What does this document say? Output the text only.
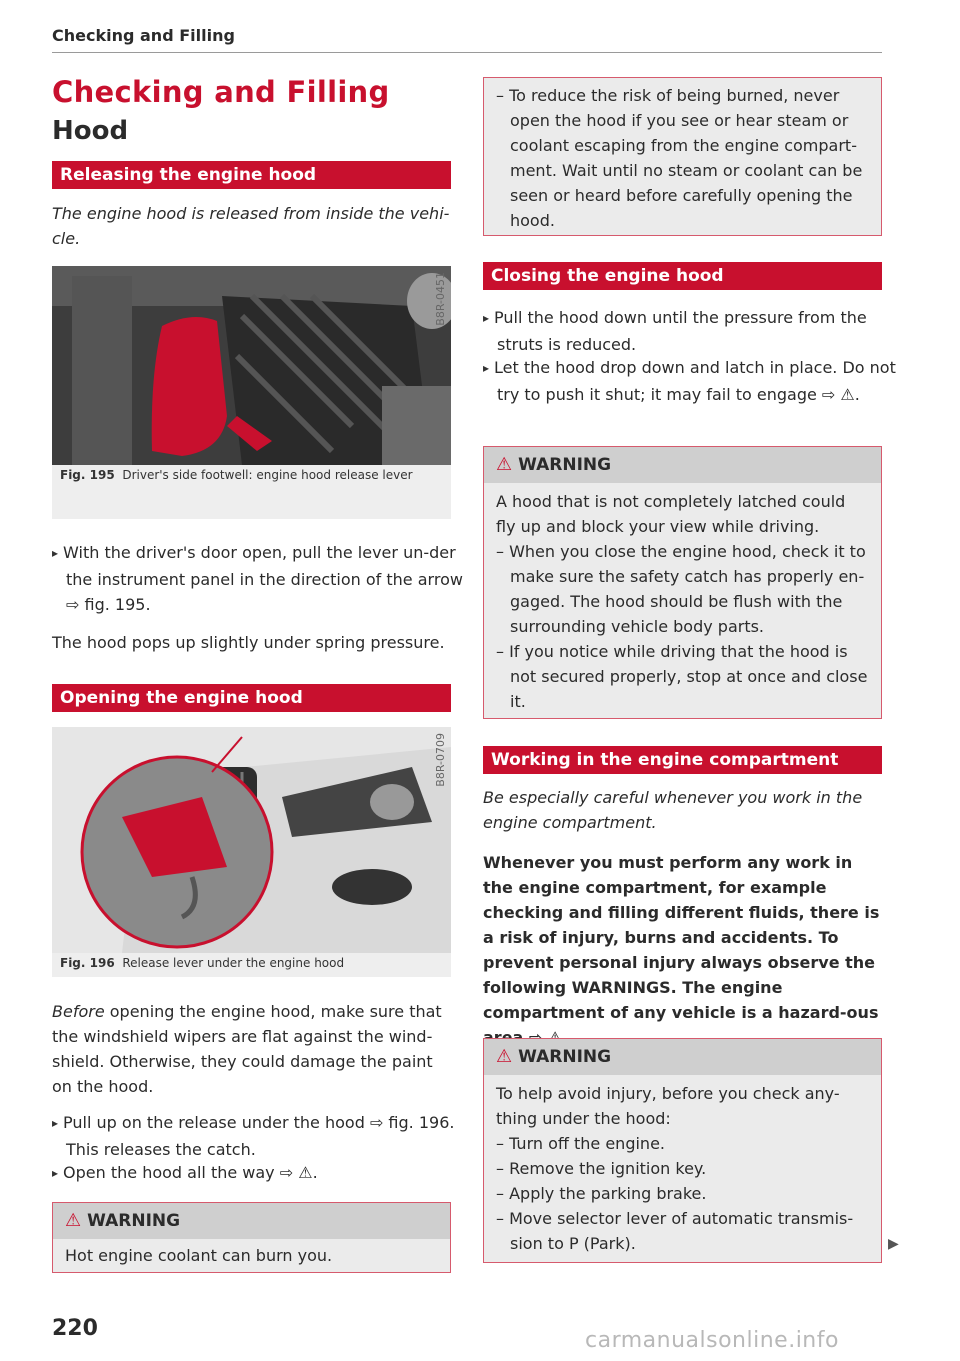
Checking and Filling
Checking and Filling
Hood
Releasing the engine hood
The engine hood is released from inside the vehi-cle.
B8R-0451
Fig. 195 Driver's side footwell: engine hood release lever
▸ With the driver's door open, pull the lever un-der the instrument panel in the direction of the arrow ⇨ fig. 195.
The hood pops up slightly under spring pressure.
Opening the engine hood
B8R-0709
Fig. 196 Release lever under the engine hood
Before opening the engine hood, make sure that the windshield wipers are flat against the wind-shield. Otherwise, they could damage the paint on the hood.
▸ Pull up on the release under the hood ⇨ fig. 196. This releases the catch.
▸ Open the hood all the way ⇨ ⚠.
⚠ WARNING
Hot engine coolant can burn you.
– To reduce the risk of being burned, never open the hood if you see or hear steam or coolant escaping from the engine compart-ment. Wait until no steam or coolant can be seen or heard before carefully opening the hood.
Closing the engine hood
▸ Pull the hood down until the pressure from the struts is reduced.
▸ Let the hood drop down and latch in place. Do not try to push it shut; it may fail to engage ⇨ ⚠.
⚠ WARNING
A hood that is not completely latched could fly up and block your view while driving.
– When you close the engine hood, check it to make sure the safety catch has properly en-gaged. The hood should be flush with the surrounding vehicle body parts.
– If you notice while driving that the hood is not secured properly, stop at once and close it.
Working in the engine compartment
Be especially careful whenever you work in the engine compartment.
Whenever you must perform any work in the engine compartment, for example checking and filling different fluids, there is a risk of injury, burns and accidents. To prevent personal injury always observe the following WARNINGS. The engine compartment of any vehicle is a hazard-ous
⚠ WARNING
To help avoid injury, before you check any-thing under the hood:
– Turn off the engine.
– Remove the ignition key.
– Apply the parking brake.
– Move selector lever of automatic transmis-sion to P (Park).	▶
220	carmanualsonline.info
